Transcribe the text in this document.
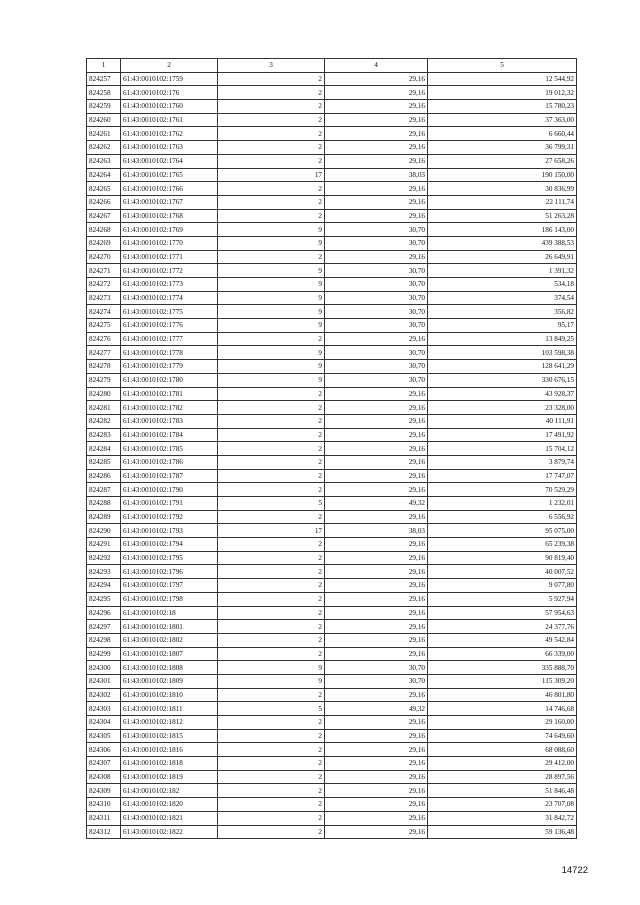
1	2	3	4	5
824257	61:43:0010102:1759	2	29,16	12 544,92
824258	61:43:0010102:176	2	29,16	19 012,32
824259	61:43:0010102:1760	2	29,16	15 780,23
824260	61:43:0010102:1761	2	29,16	37 363,00
824261	61:43:0010102:1762	2	29,16	6 660,44
824262	61:43:0010102:1763	2	29,16	36 799,31
824263	61:43:0010102:1764	2	29,16	27 658,26
824264	61:43:0010102:1765	17	38,03	190 150,00
824265	61:43:0010102:1766	2	29,16	30 836,99
824266	61:43:0010102:1767	2	29,16	22 111,74
824267	61:43:0010102:1768	2	29,16	51 263,28
824268	61:43:0010102:1769	9	30,70	186 143,00
824269	61:43:0010102:1770	9	30,70	439 388,53
824270	61:43:0010102:1771	2	29,16	26 649,91
824271	61:43:0010102:1772	9	30,70	1 391,32
824272	61:43:0010102:1773	9	30,70	534,18
824273	61:43:0010102:1774	9	30,70	374,54
824274	61:43:0010102:1775	9	30,70	356,82
824275	61:43:0010102:1776	9	30,70	95,17
824276	61:43:0010102:1777	2	29,16	13 849,25
824277	61:43:0010102:1778	9	30,70	103 598,38
824278	61:43:0010102:1779	9	30,70	128 641,29
824279	61:43:0010102:1780	9	30,70	330 676,15
824280	61:43:0010102:1781	2	29,16	43 928,37
824281	61:43:0010102:1782	2	29,16	23 328,00
824282	61:43:0010102:1783	2	29,16	40 111,91
824283	61:43:0010102:1784	2	29,16	17 491,92
824284	61:43:0010102:1785	2	29,16	15 704,12
824285	61:43:0010102:1786	2	29,16	3 879,74
824286	61:43:0010102:1787	2	29,16	17 747,07
824287	61:43:0010102:1790	2	29,16	70 529,29
824288	61:43:0010102:1791	5	49,32	1 232,01
824289	61:43:0010102:1792	2	29,16	6 556,92
824290	61:43:0010102:1793	17	38,03	95 075,00
824291	61:43:0010102:1794	2	29,16	65 239,38
824292	61:43:0010102:1795	2	29,16	90 819,40
824293	61:43:0010102:1796	2	29,16	40 007,52
824294	61:43:0010102:1797	2	29,16	9 077,80
824295	61:43:0010102:1798	2	29,16	5 927,94
824296	61:43:0010102:18	2	29,16	57 954,63
824297	61:43:0010102:1801	2	29,16	24 377,76
824298	61:43:0010102:1802	2	29,16	49 542,84
824299	61:43:0010102:1807	2	29,16	66 339,00
824300	61:43:0010102:1808	9	30,70	335 888,70
824301	61:43:0010102:1809	9	30,70	115 309,20
824302	61:43:0010102:1810	2	29,16	46 801,80
824303	61:43:0010102:1811	5	49,32	14 746,68
824304	61:43:0010102:1812	2	29,16	29 160,00
824305	61:43:0010102:1815	2	29,16	74 649,60
824306	61:43:0010102:1816	2	29,16	68 088,60
824307	61:43:0010102:1818	2	29,16	29 412,00
824308	61:43:0010102:1819	2	29,16	28 897,56
824309	61:43:0010102:182	2	29,16	51 846,48
824310	61:43:0010102:1820	2	29,16	23 707,08
824311	61:43:0010102:1821	2	29,16	31 842,72
824312	61:43:0010102:1822	2	29,16	59 136,48
14722
